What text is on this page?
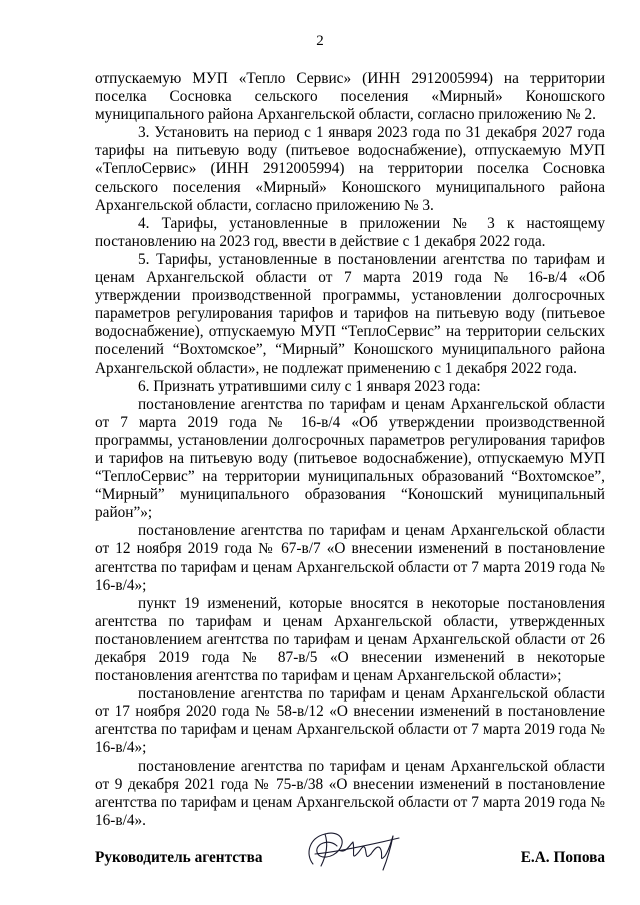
2

отпускаемую МУП «Тепло Сервис» (ИНН 2912005994) на территории поселка Сосновка сельского поселения «Мирный» Коношского муниципального района Архангельской области, согласно приложению № 2.

3. Установить на период с 1 января 2023 года по 31 декабря 2027 года тарифы на питьевую воду (питьевое водоснабжение), отпускаемую МУП «ТеплоСервис» (ИНН 2912005994) на территории поселка Сосновка сельского поселения «Мирный» Коношского муниципального района Архангельской области, согласно приложению № 3.

4. Тарифы, установленные в приложении № 3 к настоящему постановлению на 2023 год, ввести в действие с 1 декабря 2022 года.

5. Тарифы, установленные в постановлении агентства по тарифам и ценам Архангельской области от 7 марта 2019 года № 16-в/4 «Об утверждении производственной программы, установлении долгосрочных параметров регулирования тарифов и тарифов на питьевую воду (питьевое водоснабжение), отпускаемую МУП “ТеплоСервис” на территории сельских поселений “Вохтомское”, “Мирный” Коношского муниципального района Архангельской области», не подлежат применению с 1 декабря 2022 года.

6. Признать утратившими силу с 1 января 2023 года:

постановление агентства по тарифам и ценам Архангельской области от 7 марта 2019 года № 16-в/4 «Об утверждении производственной программы, установлении долгосрочных параметров регулирования тарифов и тарифов на питьевую воду (питьевое водоснабжение), отпускаемую МУП “ТеплоСервис” на территории муниципальных образований “Вохтомское”, “Мирный” муниципального образования “Коношский муниципальный район”»;

постановление агентства по тарифам и ценам Архангельской области от 12 ноября 2019 года № 67-в/7 «О внесении изменений в постановление агентства по тарифам и ценам Архангельской области от 7 марта 2019 года № 16-в/4»;

пункт 19 изменений, которые вносятся в некоторые постановления агентства по тарифам и ценам Архангельской области, утвержденных постановлением агентства по тарифам и ценам Архангельской области от 26 декабря 2019 года № 87-в/5 «О внесении изменений в некоторые постановления агентства по тарифам и ценам Архангельской области»;

постановление агентства по тарифам и ценам Архангельской области от 17 ноября 2020 года № 58-в/12 «О внесении изменений в постановление агентства по тарифам и ценам Архангельской области от 7 марта 2019 года № 16-в/4»;

постановление агентства по тарифам и ценам Архангельской области от 9 декабря 2021 года № 75-в/38 «О внесении изменений в постановление агентства по тарифам и ценам Архангельской области от 7 марта 2019 года № 16-в/4».

Руководитель агентства	Е.А. Попова
